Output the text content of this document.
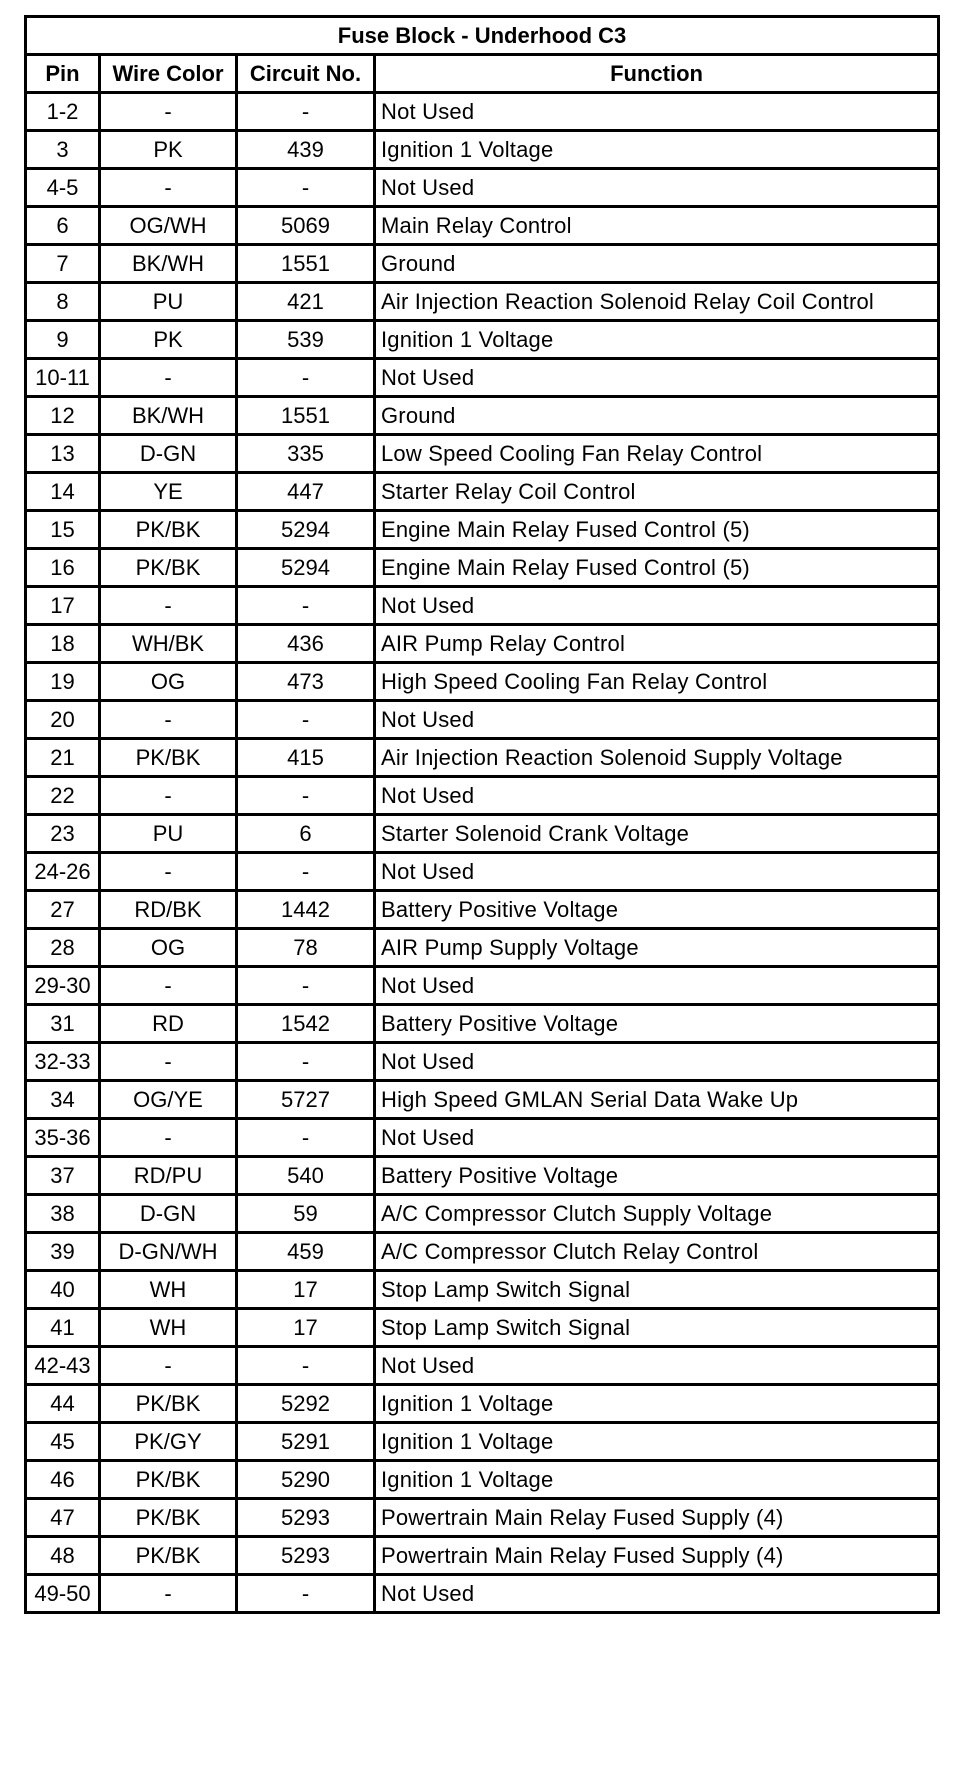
Fuse Block - Underhood C3			
Pin	Wire Color	Circuit No.	Function
1-2	-	-	Not Used
3	PK	439	Ignition 1 Voltage
4-5	-	-	Not Used
6	OG/WH	5069	Main Relay Control
7	BK/WH	1551	Ground
8	PU	421	Air Injection Reaction Solenoid Relay Coil Control
9	PK	539	Ignition 1 Voltage
10-11	-	-	Not Used
12	BK/WH	1551	Ground
13	D-GN	335	Low Speed Cooling Fan Relay Control
14	YE	447	Starter Relay Coil Control
15	PK/BK	5294	Engine Main Relay Fused Control (5)
16	PK/BK	5294	Engine Main Relay Fused Control (5)
17	-	-	Not Used
18	WH/BK	436	AIR Pump Relay Control
19	OG	473	High Speed Cooling Fan Relay Control
20	-	-	Not Used
21	PK/BK	415	Air Injection Reaction Solenoid Supply Voltage
22	-	-	Not Used
23	PU	6	Starter Solenoid Crank Voltage
24-26	-	-	Not Used
27	RD/BK	1442	Battery Positive Voltage
28	OG	78	AIR Pump Supply Voltage
29-30	-	-	Not Used
31	RD	1542	Battery Positive Voltage
32-33	-	-	Not Used
34	OG/YE	5727	High Speed GMLAN Serial Data Wake Up
35-36	-	-	Not Used
37	RD/PU	540	Battery Positive Voltage
38	D-GN	59	A/C Compressor Clutch Supply Voltage
39	D-GN/WH	459	A/C Compressor Clutch Relay Control
40	WH	17	Stop Lamp Switch Signal
41	WH	17	Stop Lamp Switch Signal
42-43	-	-	Not Used
44	PK/BK	5292	Ignition 1 Voltage
45	PK/GY	5291	Ignition 1 Voltage
46	PK/BK	5290	Ignition 1 Voltage
47	PK/BK	5293	Powertrain Main Relay Fused Supply (4)
48	PK/BK	5293	Powertrain Main Relay Fused Supply (4)
49-50	-	-	Not Used
